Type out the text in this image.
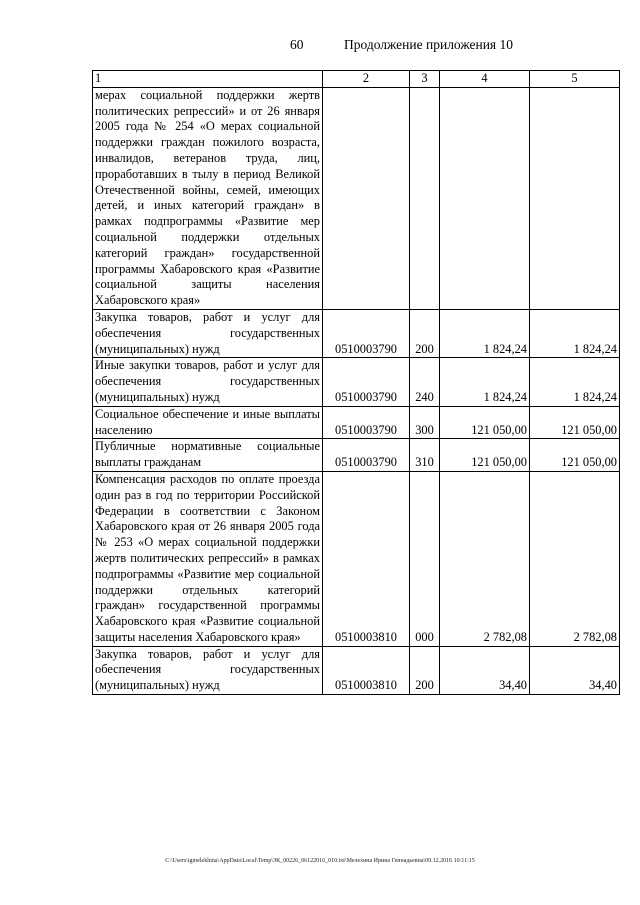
60	Продолжение приложения 10
1	2	3	4	5
мерах социальной поддержки жертв политических репрессий» и от 26 января 2005 года № 254 «О мерах социальной поддержки граждан пожилого возраста, инвалидов, ветеранов труда, лиц, проработавших в тылу в период Великой Отечественной войны, семей, имеющих детей, и иных категорий граждан» в рамках подпрограммы «Развитие мер социальной поддержки отдельных категорий граждан» государственной программы Хабаровского края «Развитие социальной защиты населения Хабаровского края»				
Закупка товаров, работ и услуг для обеспечения государственных (муниципальных) нужд	0510003790	200	1 824,24	1 824,24
Иные закупки товаров, работ и услуг для обеспечения государственных (муниципальных) нужд	0510003790	240	1 824,24	1 824,24
Социальное обеспечение и иные выплаты населению	0510003790	300	121 050,00	121 050,00
Публичные нормативные социальные выплаты гражданам	0510003790	310	121 050,00	121 050,00
Компенсация расходов по оплате проезда один раз в год по территории Российской Федерации в соответствии с Законом Хабаровского края от 26 января 2005 года № 253 «О мерах социальной поддержки жертв политических репрессий» в рамках подпрограммы «Развитие мер социальной поддержки отдельных категорий граждан» государственной программы Хабаровского края «Развитие социальной защиты населения Хабаровского края»	0510003810	000	2 782,08	2 782,08
Закупка товаров, работ и услуг для обеспечения государственных (муниципальных) нужд	0510003810	200	34,40	34,40
C:\Users\igmelekhina\AppData\Local\Temp\ЗК_00226_06122016_010.txt\Мелехина Ирина Геннадьевна\09.12.2016 10:11:15
